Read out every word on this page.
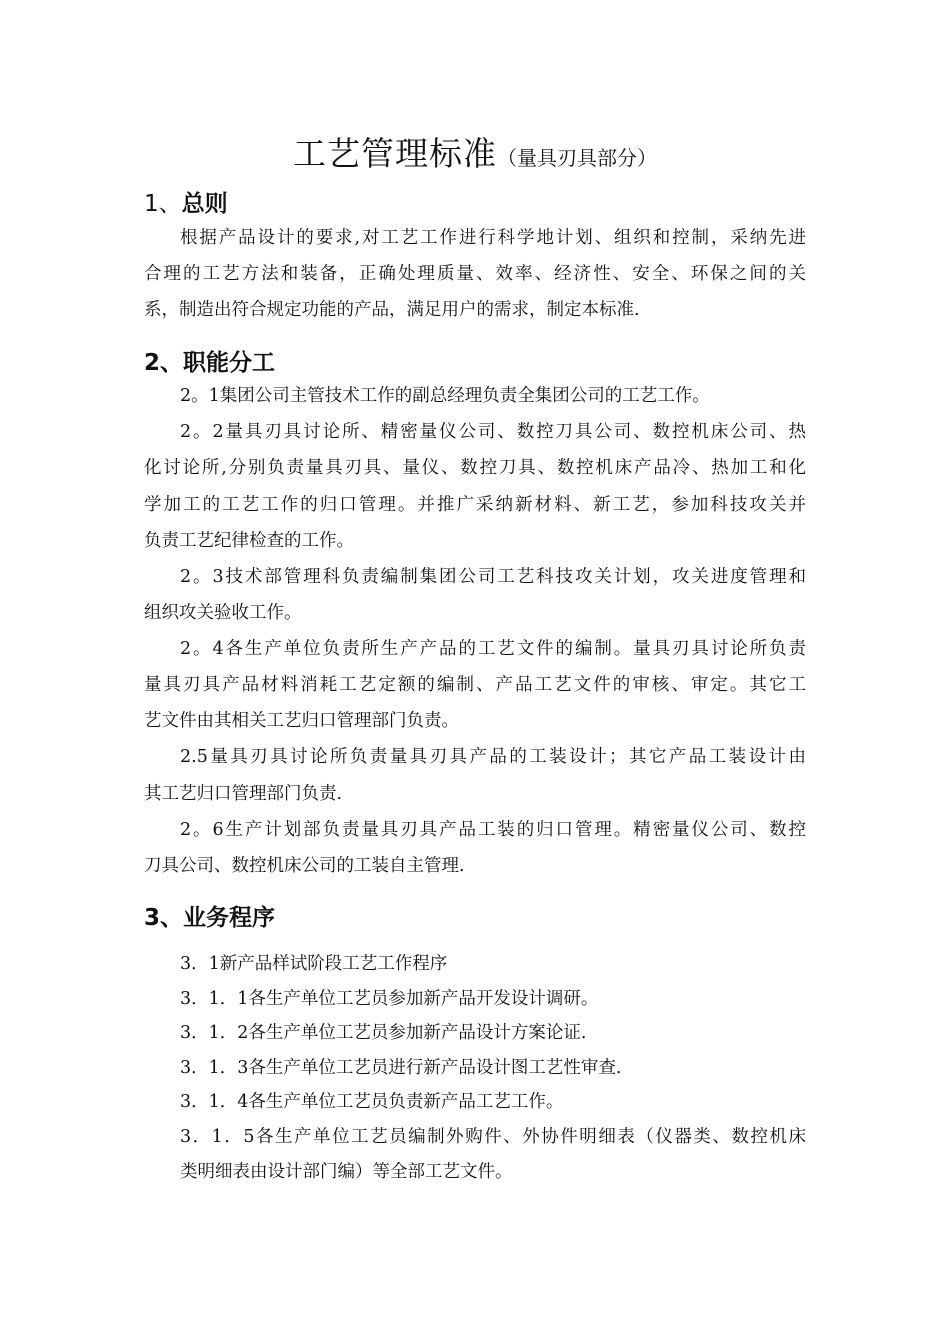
工艺管理标准（量具刃具部分）
1、总则
根据产品设计的要求,对工艺工作进行科学地计划、组织和控制，采纳先进
合理的工艺方法和装备，正确处理质量、效率、经济性、安全、环保之间的关
系，制造出符合规定功能的产品，满足用户的需求，制定本标准.
2、职能分工
2。1集团公司主管技术工作的副总经理负责全集团公司的工艺工作。
2。2量具刃具讨论所、精密量仪公司、数控刀具公司、数控机床公司、热
化讨论所,分别负责量具刃具、量仪、数控刀具、数控机床产品冷、热加工和化
学加工的工艺工作的归口管理。并推广采纳新材料、新工艺，参加科技攻关并
负责工艺纪律检查的工作。
2。3技术部管理科负责编制集团公司工艺科技攻关计划，攻关进度管理和
组织攻关验收工作。
2。4各生产单位负责所生产产品的工艺文件的编制。量具刃具讨论所负责
量具刃具产品材料消耗工艺定额的编制、产品工艺文件的审核、审定。其它工
艺文件由其相关工艺归口管理部门负责。
2.5量具刃具讨论所负责量具刃具产品的工装设计；其它产品工装设计由
其工艺归口管理部门负责.
2。6生产计划部负责量具刃具产品工装的归口管理。精密量仪公司、数控
刀具公司、数控机床公司的工装自主管理.
3、业务程序
3．1新产品样试阶段工艺工作程序
3．1．1各生产单位工艺员参加新产品开发设计调研。
3．1．2各生产单位工艺员参加新产品设计方案论证.
3．1．3各生产单位工艺员进行新产品设计图工艺性审查.
3．1．4各生产单位工艺员负责新产品工艺工作。
3．1．5各生产单位工艺员编制外购件、外协件明细表（仪器类、数控机床
类明细表由设计部门编）等全部工艺文件。
